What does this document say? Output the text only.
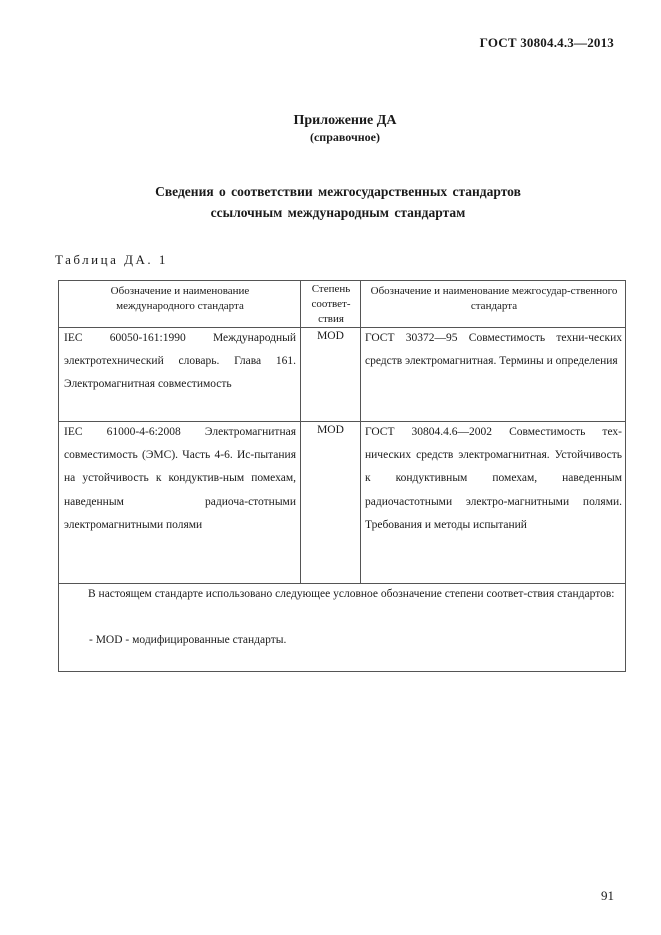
ГОСТ 30804.4.3—2013
Приложение ДА
(справочное)
Сведения о соответствии межгосударственных стандартов
ссылочным международным стандартам
Таблица ДА. 1
Обозначение и наименование международного стандарта
Степень соответ-ствия
Обозначение и наименование межгосудар-ственного стандарта
IEC 60050-161:1990 Международный электротехнический словарь. Глава 161. Электромагнитная совместимость
MOD	ГОСТ 30372—95 Совместимость техни-ческих средств электромагнитная. Термины и определения
IEC 61000-4-6:2008 Электромагнитная совместимость (ЭМС). Часть 4-6. Ис-пытания на устойчивость к кондуктив-ным помехам, наведенным радиоча-стотными электромагнитными полями
MOD	ГОСТ 30804.4.6—2002 Совместимость тех-нических средств электромагнитная. Устойчивость к кондуктивным помехам, наведенным радиочастотными электро-магнитными полями. Требования и методы испытаний
В настоящем стандарте использовано следующее условное обозначение степени соответ-ствия стандартов:
- MOD - модифицированные стандарты.
91
